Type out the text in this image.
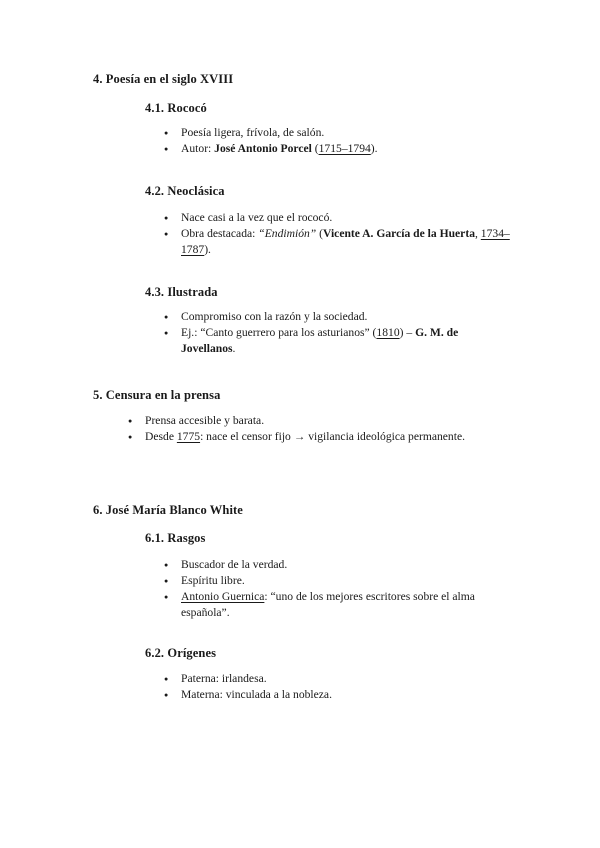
4. Poesía en el siglo XVIII
4.1. Rococó
● Poesía ligera, frívola, de salón.
● Autor: José Antonio Porcel (1715–1794).
4.2. Neoclásica
● Nace casi a la vez que el rococó.
● Obra destacada: “Endimión” (Vicente A. García de la Huerta, 1734–1787).
4.3. Ilustrada
● Compromiso con la razón y la sociedad.
● Ej.: “Canto guerrero para los asturianos” (1810) – G. M. de Jovellanos.
5. Censura en la prensa
● Prensa accesible y barata.
● Desde 1775: nace el censor fijo → vigilancia ideológica permanente.
6. José María Blanco White
6.1. Rasgos
● Buscador de la verdad.
● Espíritu libre.
● Antonio Guernica: “uno de los mejores escritores sobre el alma española”.
6.2. Orígenes
● Paterna: irlandesa.
● Materna: vinculada a la nobleza.
